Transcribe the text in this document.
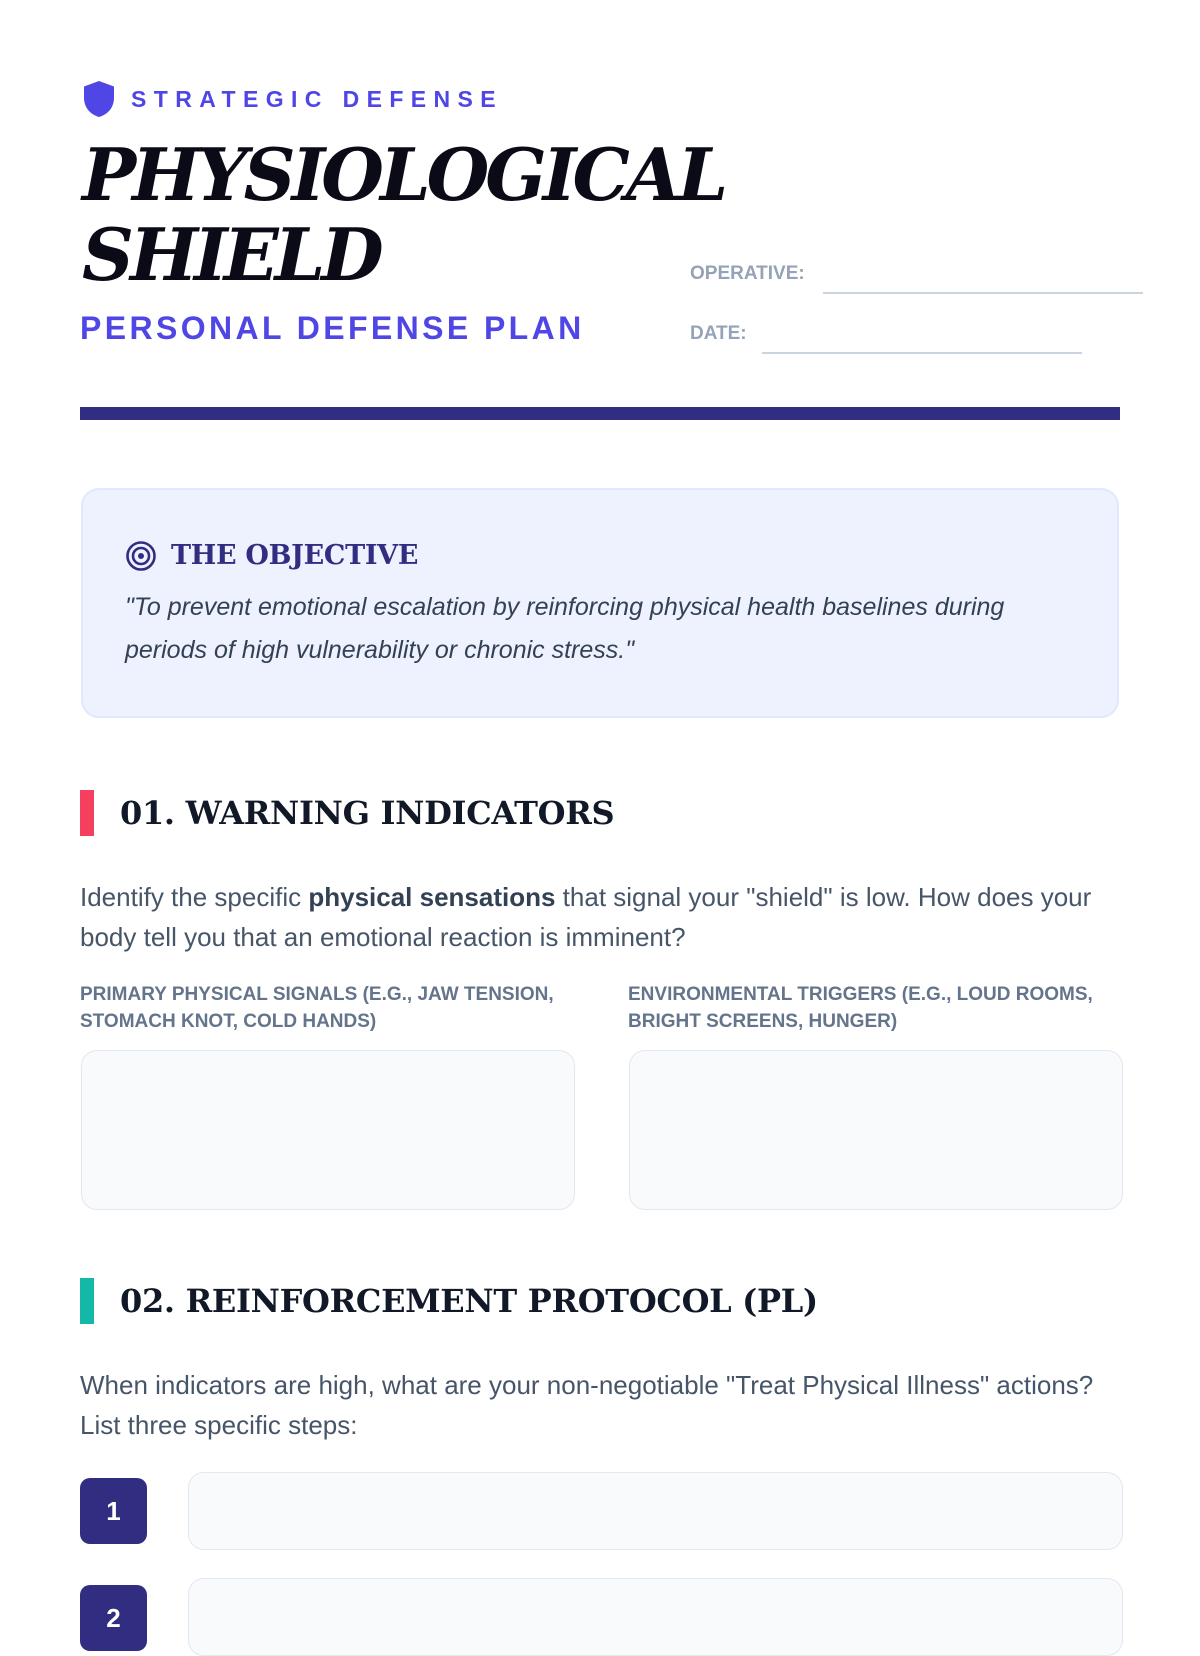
STRATEGIC DEFENSE
PHYSIOLOGICAL
SHIELD
PERSONAL DEFENSE PLAN
OPERATIVE:
DATE:
THE OBJECTIVE
"To prevent emotional escalation by reinforcing physical health baselines during periods of high vulnerability or chronic stress."
01. WARNING INDICATORS

Identify the specific physical sensations that signal your "shield" is low. How does your body tell you that an emotional reaction is imminent?

PRIMARY PHYSICAL SIGNALS (E.G., JAW TENSION, STOMACH KNOT, COLD HANDS)
ENVIRONMENTAL TRIGGERS (E.G., LOUD ROOMS, BRIGHT SCREENS, HUNGER)
02. REINFORCEMENT PROTOCOL (PL)

When indicators are high, what are your non-negotiable "Treat Physical Illness" actions? List three specific steps:

1
2
